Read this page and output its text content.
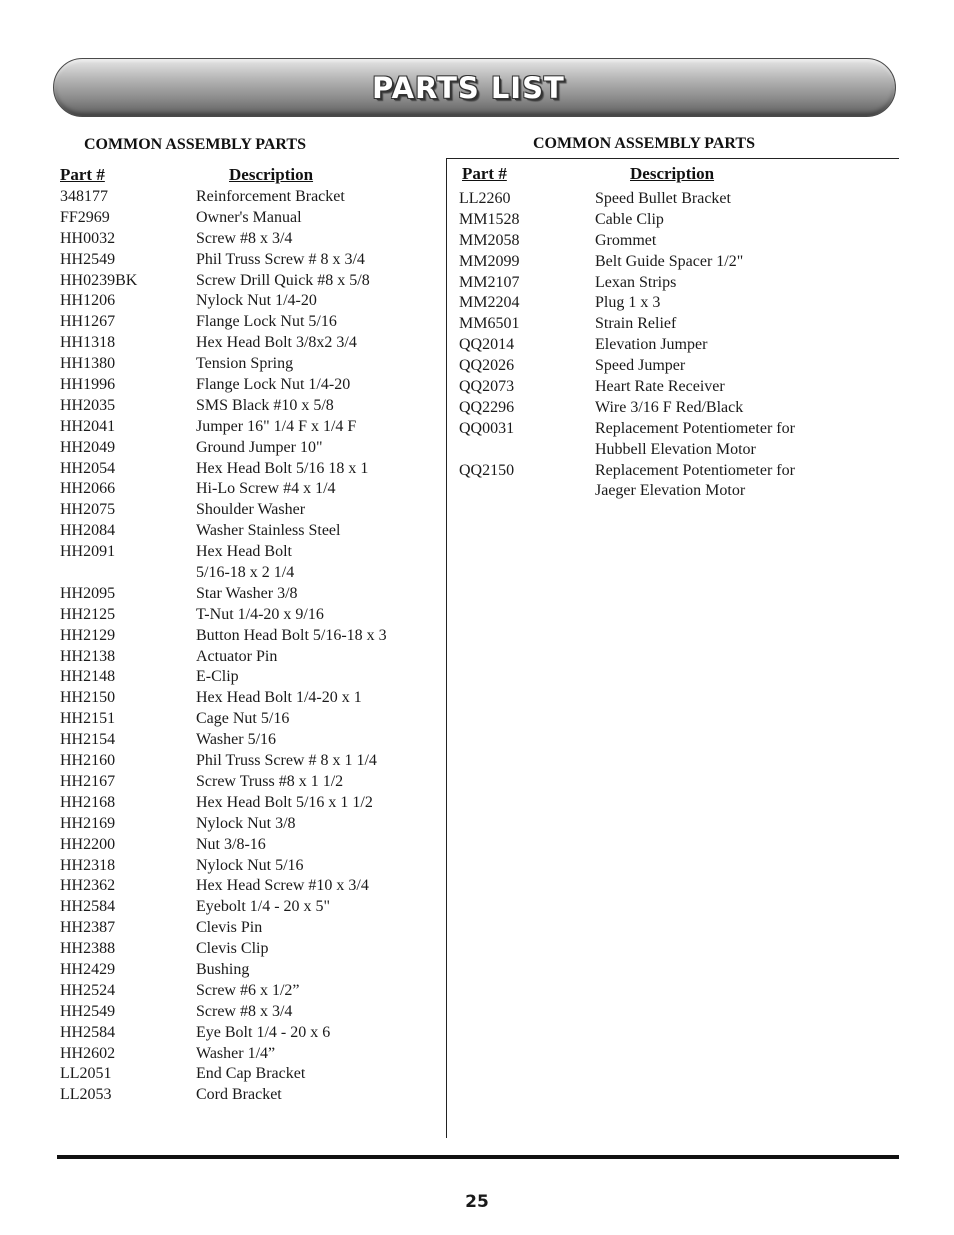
PARTS LIST
COMMON ASSEMBLY PARTS	COMMON ASSEMBLY PARTS
Part #	Description	Part #	Description
348177	Reinforcement Bracket
FF2969	Owner's Manual
HH0032	Screw #8 x 3/4
HH2549	Phil Truss Screw # 8 x 3/4
HH0239BK	Screw Drill Quick #8 x 5/8
HH1206	Nylock Nut 1/4-20
HH1267	Flange Lock Nut 5/16
HH1318	Hex Head Bolt 3/8x2 3/4
HH1380	Tension Spring
HH1996	Flange Lock Nut 1/4-20
HH2035	SMS Black #10 x 5/8
HH2041	Jumper 16" 1/4 F x 1/4 F
HH2049	Ground Jumper 10"
HH2054	Hex Head Bolt 5/16 18 x 1
HH2066	Hi-Lo Screw #4 x 1/4
HH2075	Shoulder Washer
HH2084	Washer Stainless Steel
HH2091	Hex Head Bolt
5/16-18 x 2 1/4
HH2095	Star Washer 3/8
HH2125	T-Nut 1/4-20 x 9/16
HH2129	Button Head Bolt 5/16-18 x 3
HH2138	Actuator Pin
HH2148	E-Clip
HH2150	Hex Head Bolt 1/4-20 x 1
HH2151	Cage Nut 5/16
HH2154	Washer 5/16
HH2160	Phil Truss Screw # 8 x 1 1/4
HH2167	Screw Truss #8 x 1 1/2
HH2168	Hex Head Bolt 5/16 x 1 1/2
HH2169	Nylock Nut 3/8
HH2200	Nut 3/8-16
HH2318	Nylock Nut 5/16
HH2362	Hex Head Screw #10 x 3/4
HH2584	Eyebolt 1/4 - 20 x 5"
HH2387	Clevis Pin
HH2388	Clevis Clip
HH2429	Bushing
HH2524	Screw #6 x 1/2”
HH2549	Screw #8 x 3/4
HH2584	Eye Bolt 1/4 - 20 x 6
HH2602	Washer 1/4”
LL2051	End Cap Bracket
LL2053	Cord Bracket
LL2260	Speed Bullet Bracket
MM1528	Cable Clip
MM2058	Grommet
MM2099	Belt Guide Spacer 1/2"
MM2107	Lexan Strips
MM2204	Plug 1 x 3
MM6501	Strain Relief
QQ2014	Elevation Jumper
QQ2026	Speed Jumper
QQ2073	Heart Rate Receiver
QQ2296	Wire 3/16 F Red/Black
QQ0031	Replacement Potentiometer for
Hubbell Elevation Motor
QQ2150	Replacement Potentiometer for
Jaeger Elevation Motor
25
